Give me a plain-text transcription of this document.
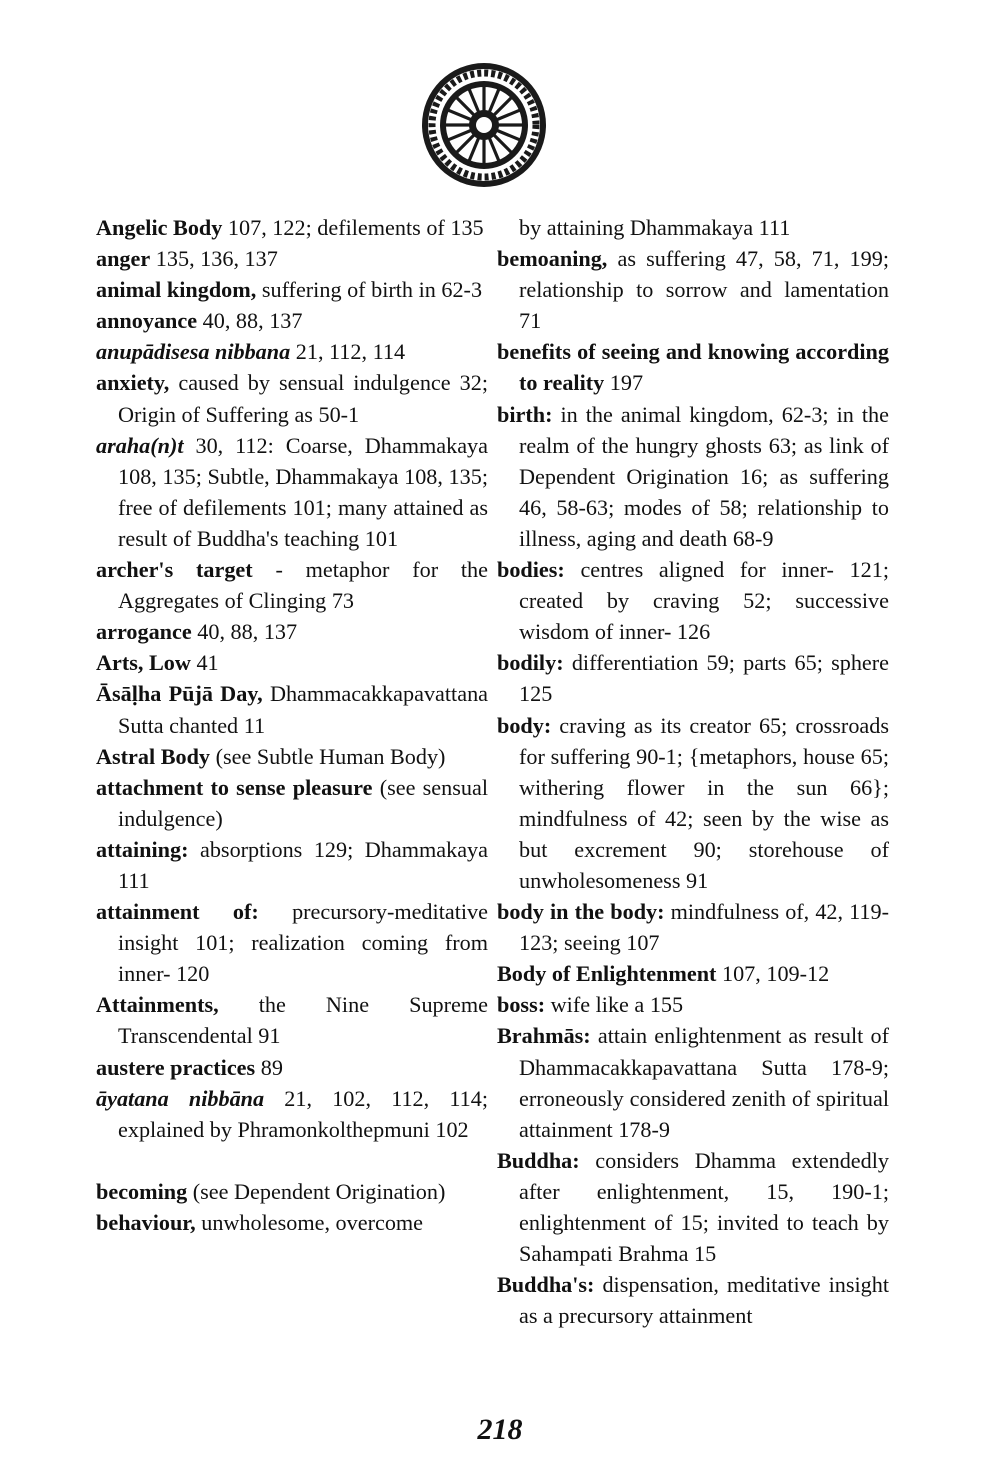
Angelic Body 107, 122; defilements of 135
anger 135, 136, 137
animal kingdom, suffering of birth in 62-3
annoyance 40, 88, 137
anupādisesa nibbana 21, 112, 114
anxiety, caused by sensual indulgence 32; Origin of Suffering as 50-1
araha(n)t 30, 112: Coarse, Dhammakaya 108, 135; Subtle, Dhammakaya 108, 135; free of defilements 101; many attained as result of Buddha's teaching 101
archer's target - metaphor for the Aggregates of Clinging 73
arrogance 40, 88, 137
Arts, Low 41
Āsāḷha Pūjā Day, Dhammacakkapavattana Sutta chanted 11
Astral Body (see Subtle Human Body)
attachment to sense pleasure (see sensual indulgence)
attaining: absorptions 129; Dhammakaya 111
attainment of: precursory-meditative insight 101; realization coming from inner- 120
Attainments, the Nine Supreme Transcendental 91
austere practices 89
āyatana nibbāna 21, 102, 112, 114; explained by Phramonkolthepmuni 102
becoming (see Dependent Origination)
behaviour, unwholesome, overcome
by attaining Dhammakaya 111
bemoaning, as suffering 47, 58, 71, 199; relationship to sorrow and lamentation 71
benefits of seeing and knowing according to reality 197
birth: in the animal kingdom, 62-3; in the realm of the hungry ghosts 63; as link of Dependent Origination 16; as suffering 46, 58-63; modes of 58; relationship to illness, aging and death 68-9
bodies: centres aligned for inner- 121; created by craving 52; successive wisdom of inner- 126
bodily: differentiation 59; parts 65; sphere 125
body: craving as its creator 65; crossroads for suffering 90-1; {metaphors, house 65; withering flower in the sun 66}; mindfulness of 42; seen by the wise as but excrement 90; storehouse of unwholesomeness 91
body in the body: mindfulness of, 42, 119-123; seeing 107
Body of Enlightenment 107, 109-12
boss: wife like a 155
Brahmās: attain enlightenment as result of Dhammacakkapavattana Sutta 178-9; erroneously considered zenith of spiritual attainment 178-9
Buddha: considers Dhamma extendedly after enlightenment, 15, 190-1; enlightenment of 15; invited to teach by Sahampati Brahma 15
Buddha's: dispensation, meditative insight as a precursory attainment
218
